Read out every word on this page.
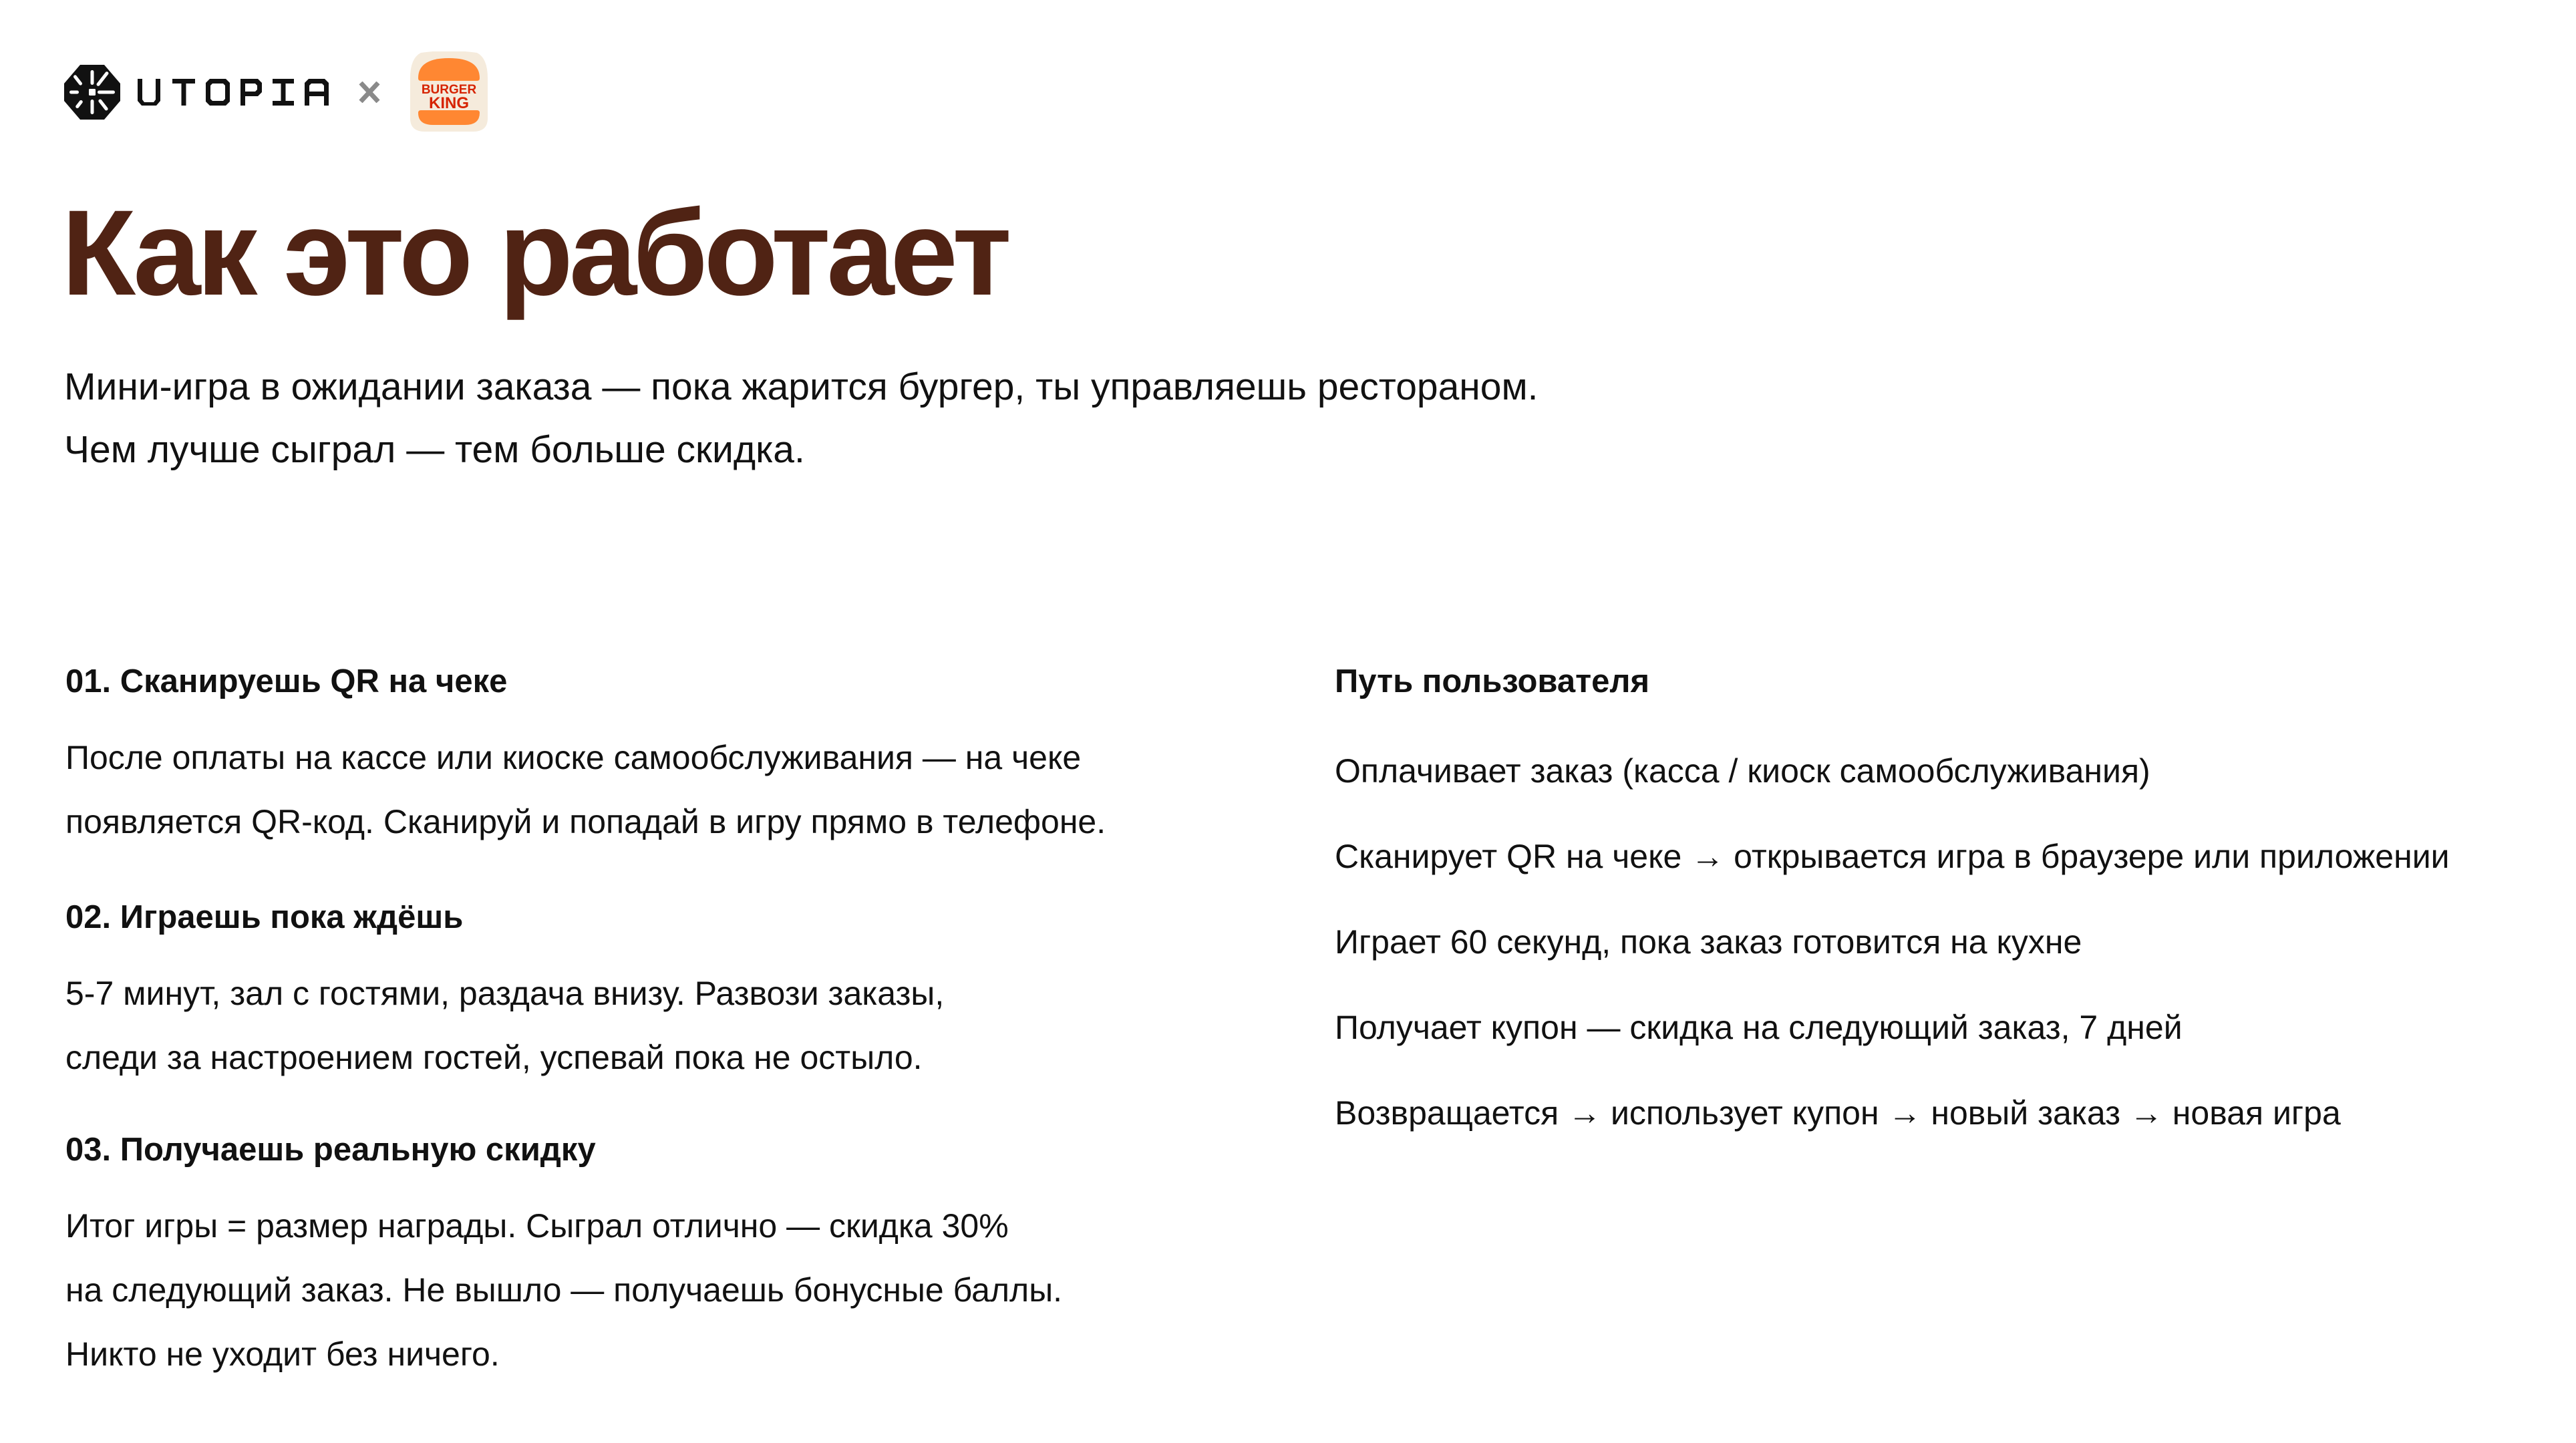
BURGER
KING
Как это работает

Мини-игра в ожидании заказа — пока жарится бургер, ты управляешь рестораном.
Чем лучше сыграл — тем больше скидка.

01. Сканируешь QR на чеке

После оплаты на кассе или киоске самообслуживания — на чеке
появляется QR-код. Сканируй и попадай в игру прямо в телефоне.

02. Играешь пока ждёшь

5-7 минут, зал с гостями, раздача внизу. Развози заказы,
следи за настроением гостей, успевай пока не остыло.

03. Получаешь реальную скидку

Итог игры = размер награды. Сыграл отлично — скидка 30%
на следующий заказ. Не вышло — получаешь бонусные баллы.
Никто не уходит без ничего.

Путь пользователя
Оплачивает заказ (касса / киоск самообслуживания)
Сканирует QR на чеке → открывается игра в браузере или приложении
Играет 60 секунд, пока заказ готовится на кухне
Получает купон — скидка на следующий заказ, 7 дней
Возвращается → использует купон → новый заказ → новая игра
